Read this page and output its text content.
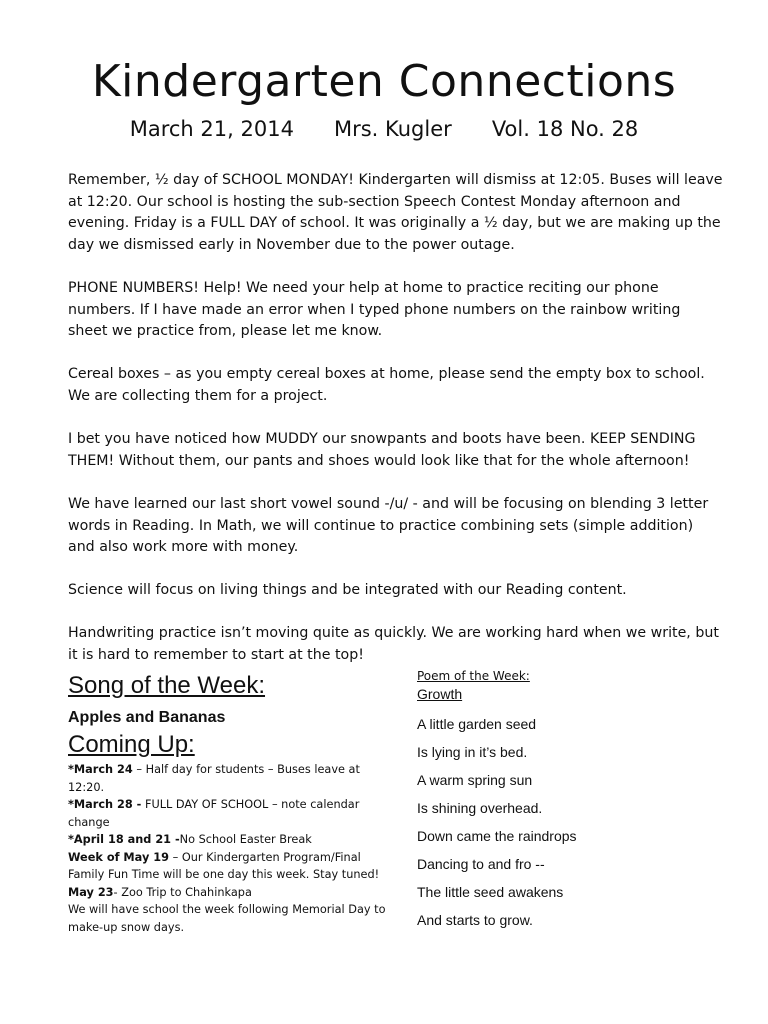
Kindergarten Connections
March 21, 2014      Mrs. Kugler      Vol. 18 No. 28

Remember, ½ day of SCHOOL MONDAY! Kindergarten will dismiss at 12:05. Buses will leave at 12:20. Our school is hosting the sub-section Speech Contest Monday afternoon and evening. Friday is a FULL DAY of school. It was originally a ½ day, but we are making up the day we dismissed early in November due to the power outage.

PHONE NUMBERS! Help! We need your help at home to practice reciting our phone numbers. If I have made an error when I typed phone numbers on the rainbow writing sheet we practice from, please let me know.

Cereal boxes – as you empty cereal boxes at home, please send the empty box to school. We are collecting them for a project.

I bet you have noticed how MUDDY our snowpants and boots have been. KEEP SENDING THEM! Without them, our pants and shoes would look like that for the whole afternoon!

We have learned our last short vowel sound -/u/ - and will be focusing on blending 3 letter words in Reading. In Math, we will continue to practice combining sets (simple addition) and also work more with money.

Science will focus on living things and be integrated with our Reading content.

Handwriting practice isn’t moving quite as quickly. We are working hard when we write, but it is hard to remember to start at the top!

Song of the Week:

Apples and Bananas

Coming Up:

*March 24 – Half day for students – Buses leave at 12:20.

*March 28 - FULL DAY OF SCHOOL – note calendar change

*April 18 and 21 -No School Easter Break

Week of May 19 – Our Kindergarten Program/Final Family Fun Time will be one day this week. Stay tuned!

May 23- Zoo Trip to Chahinkapa

We will have school the week following Memorial Day to make-up snow days.

Poem of the Week:

Growth

A little garden seed

Is lying in it’s bed.

A warm spring sun

Is shining overhead.

Down came the raindrops

Dancing to and fro --

The little seed awakens

And starts to grow.
